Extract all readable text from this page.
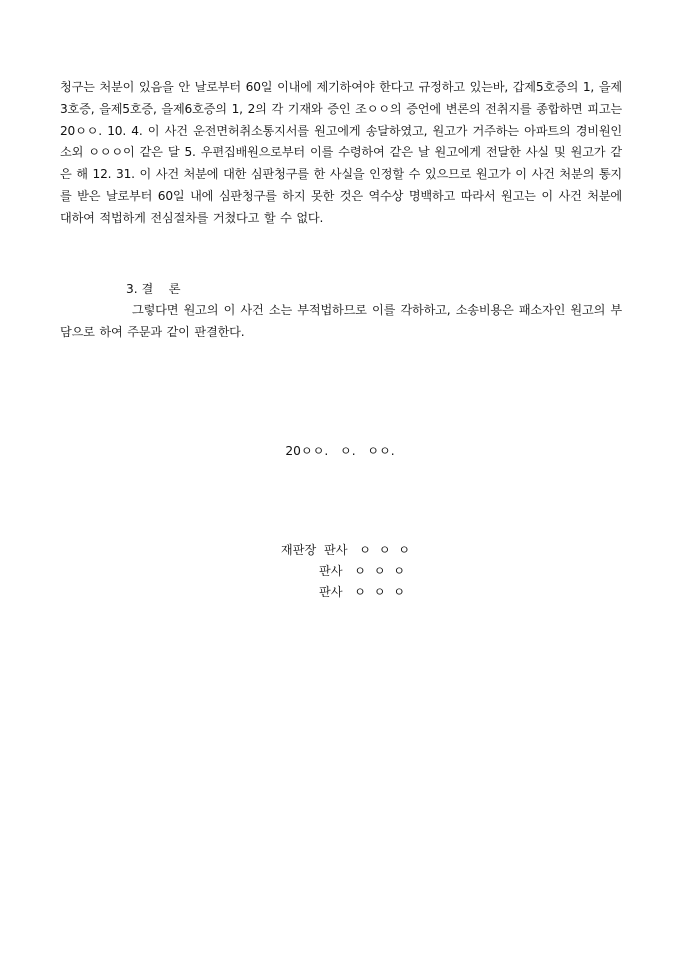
청구는 처분이 있음을 안 날로부터 60일 이내에 제기하여야 한다고 규정하고 있는바, 갑제5호증의 1, 을제3호증, 을제5호증, 을제6호증의 1, 2의 각 기재와 증인 조ㅇㅇ의 증언에 변론의 전취지를 종합하면 피고는 20ㅇㅇ. 10. 4. 이 사건 운전면허취소통지서를 원고에게 송달하였고, 원고가 거주하는 아파트의 경비원인 소외 ㅇㅇㅇ이 같은 달 5. 우편집배원으로부터 이를 수령하여 같은 날 원고에게 전달한 사실 및 원고가 같은 해 12. 31. 이 사건 처분에 대한 심판청구를 한 사실을 인정할 수 있으므로 원고가 이 사건 처분의 통지를 받은 날로부터 60일 내에 심판청구를 하지 못한 것은 역수상 명백하고 따라서 원고는 이 사건 처분에 대하여 적법하게 전심절차를 거쳤다고 할 수 없다.

3. 결    론

그렇다면 원고의 이 사건 소는 부적법하므로 이를 각하하고, 소송비용은 패소자인 원고의 부담으로 하여 주문과 같이 판결한다.

20ㅇㅇ.   ㅇ.   ㅇㅇ.
재판장  판사 ㅇ  ㅇ  ㅇ
판사 ㅇ  ㅇ  ㅇ
판사 ㅇ  ㅇ  ㅇ
